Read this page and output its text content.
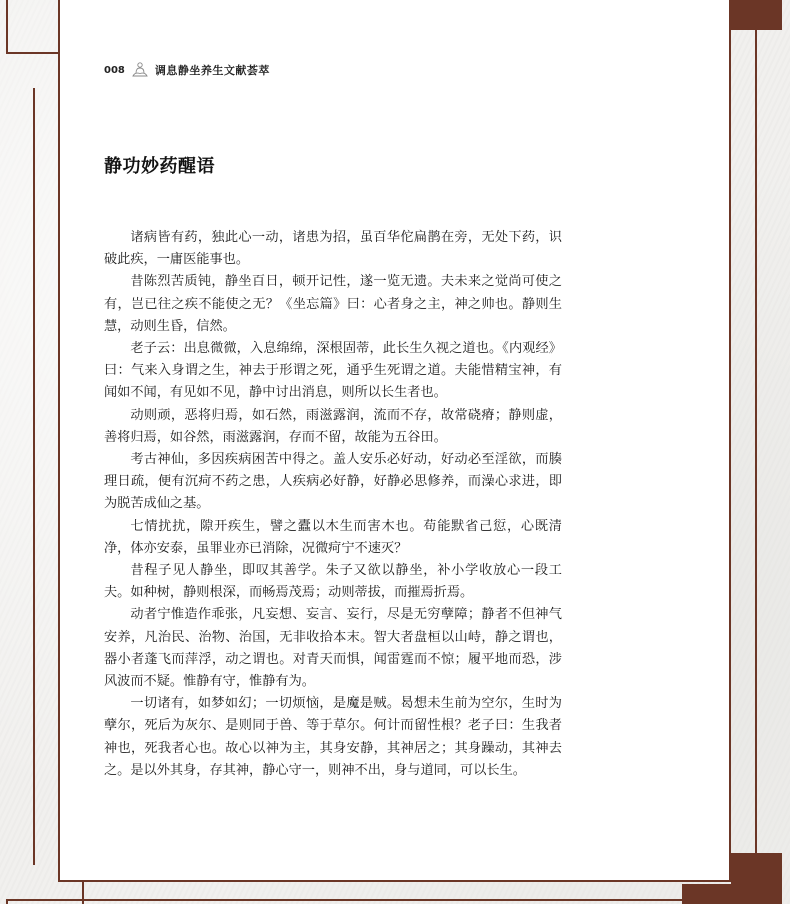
008	调息静坐养生文献荟萃
静功妙药醒语

诸病皆有药，独此心一动，诸患为招，虽百华佗扁鹊在旁，无处下药，识破此疾，一庸医能事也。

昔陈烈苦质钝，静坐百日，顿开记性，遂一览无遗。夫未来之觉尚可使之有，岂已往之疾不能使之无？《坐忘篇》曰：心者身之主，神之帅也。静则生慧，动则生昏，信然。

老子云：出息微微，入息绵绵，深根固蒂，此长生久视之道也。《内观经》曰：气来入身谓之生，神去于形谓之死，通乎生死谓之道。夫能惜精宝神，有闻如不闻，有见如不见，静中讨出消息，则所以长生者也。

动则顽，恶将归焉，如石然，雨滋露润，流而不存，故常硗瘠；静则虚，善将归焉，如谷然，雨滋露润，存而不留，故能为五谷田。

考古神仙，多因疾病困苦中得之。盖人安乐必好动，好动必至淫欲，而腠理日疏，便有沉疴不药之患，人疾病必好静，好静必思修养，而澡心求进，即为脱苦成仙之基。

七情扰扰，隙开疾生，譬之蠹以木生而害木也。苟能默省己愆，心既清净，体亦安泰，虽罪业亦已消除，况微疴宁不速灭？

昔程子见人静坐，即叹其善学。朱子又欲以静坐，补小学收放心一段工夫。如种树，静则根深，而畅焉茂焉；动则蒂拔，而摧焉折焉。

动者宁惟造作乖张，凡妄想、妄言、妄行，尽是无穷孽障；静者不但神气安养，凡治民、治物、治国，无非收拾本末。智大者盘桓以山峙，静之谓也，器小者蓬飞而萍浮，动之谓也。对青天而惧，闻雷霆而不惊；履平地而恐，涉风波而不疑。惟静有守，惟静有为。

一切诸有，如梦如幻；一切烦恼，是魔是贼。曷想未生前为空尔，生时为孽尔，死后为灰尔、是则同于兽、等于草尔。何计而留性根？老子曰：生我者神也，死我者心也。故心以神为主，其身安静，其神居之；其身躁动，其神去之。是以外其身，存其神，静心守一，则神不出，身与道同，可以长生。
